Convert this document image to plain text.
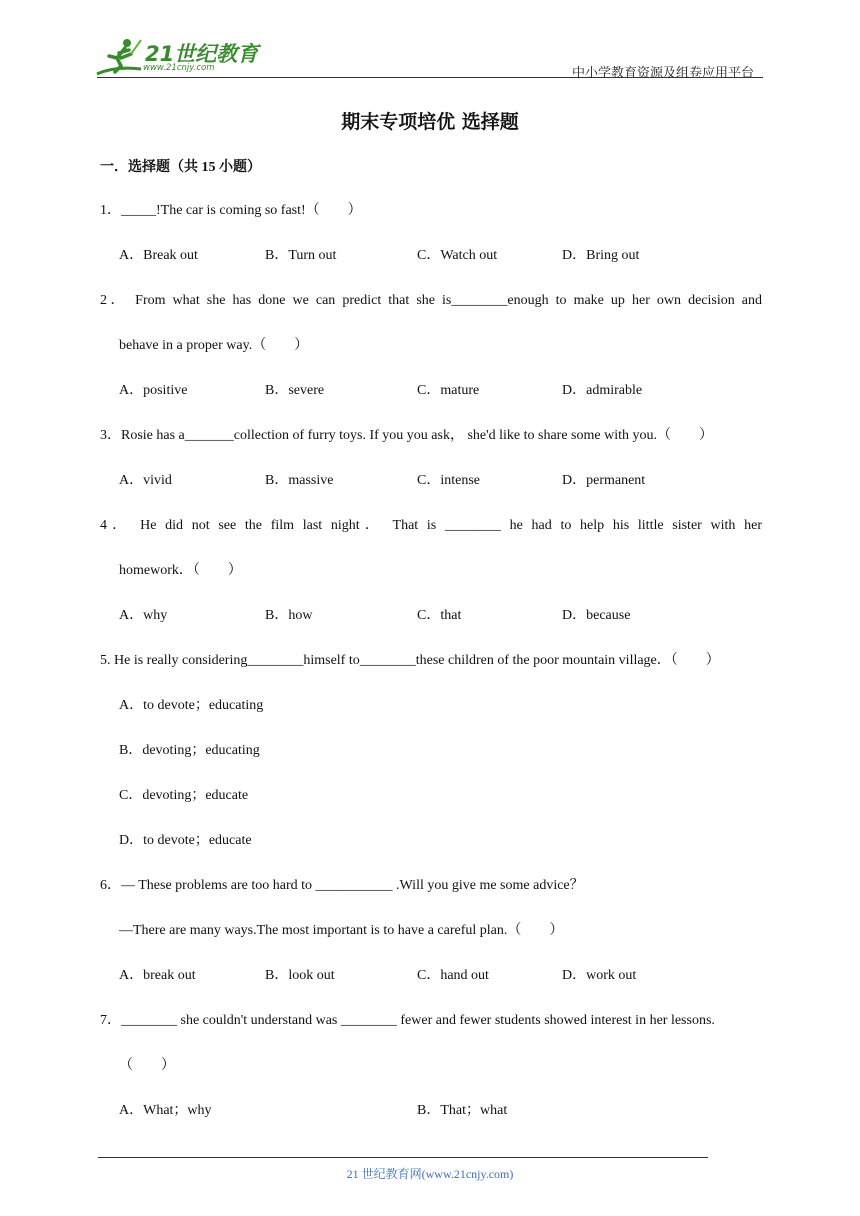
21世纪教育
www.21cnjy.com	中小学教育资源及组卷应用平台
期末专项培优 选择题
一．选择题（共 15 小题）
1．_____!The car is coming so fast!（　　）
A．Break out	B．Turn out	C．Watch out	D．Bring out
2． From what she has done we can predict that she is________enough to make up her own decision and
behave in a proper way.（　　）
A．positive	B．severe	C．mature	D．admirable
3．Rosie has a_______collection of furry toys. If you you ask， she'd like to share some with you.（　　）
A．vivid	B．massive	C．intense	D．permanent
4． He did not see the film last night． That is ________ he had to help his little sister with her
homework．（　　）
A．why	B．how	C．that	D．because
5. He is really considering________himself to________these children of the poor mountain village．（　　）
A．to devote；educating
B．devoting；educating
C．devoting；educate
D．to devote；educate
6．— These problems are too hard to ___________ .Will you give me some advice？
—There are many ways.The most important is to have a careful plan.（　　）
A．break out	B．look out	C．hand out	D．work out
7．________ she couldn't understand was ________ fewer and fewer students showed interest in her lessons.
（　　）
A．What；why	B．That；what
21 世纪教育网(www.21cnjy.com)
